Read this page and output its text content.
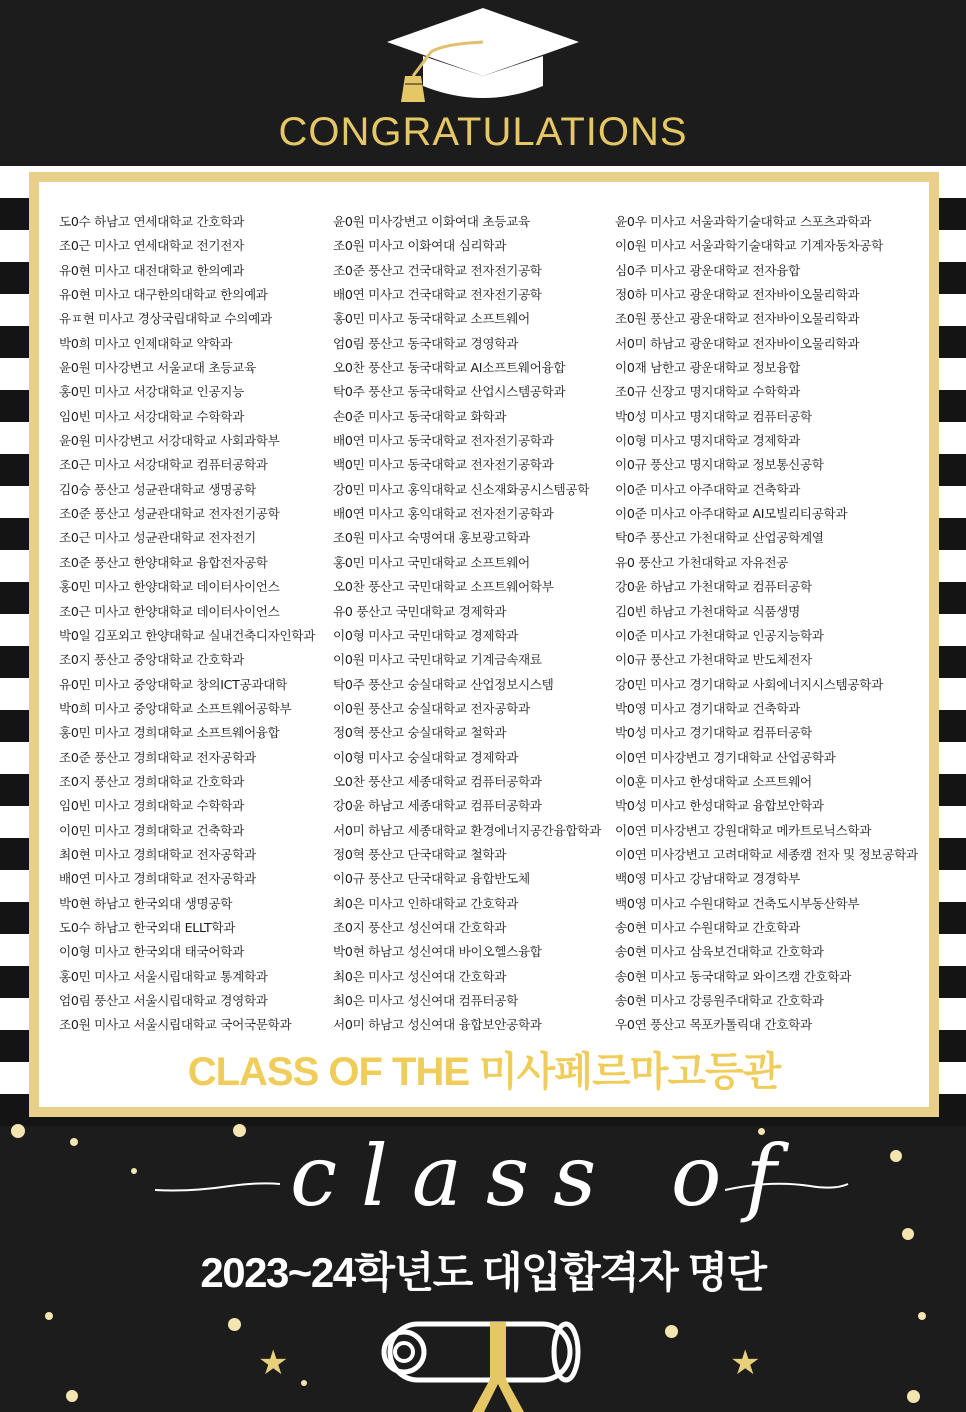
CONGRATULATIONS
도0수 하남고 연세대학교 간호학과
조0근 미사고 연세대학교 전기전자
유0현 미사고 대전대학교 한의예과
유0현 미사고 대구한의대학교 한의예과
유ㅍ현 미사고 경상국립대학교 수의예과
박0희 미사고 인제대학교 약학과
윤0원 미사강변고 서울교대 초등교육
홍0민 미사고 서강대학교 인공지능
임0빈 미사고 서강대학교 수학학과
윤0원 미사강변고 서강대학교 사회과학부
조0근 미사고 서강대학교 컴퓨터공학과
김0승 풍산고 성균관대학교 생명공학
조0준 풍산고 성균관대학교 전자전기공학
조0근 미사고 성균관대학교 전자전기
조0준 풍산고 한양대학교 융합전자공학
홍0민 미사고 한양대학교 데이터사이언스
조0근 미사고 한양대학교 데이터사이언스
박0일 김포외고 한양대학교 실내건축디자인학과
조0지 풍산고 중앙대학교 간호학과
유0민 미사고 중앙대학교 창의ICT공과대학
박0희 미사고 중앙대학교 소프트웨어공학부
홍0민 미사고 경희대학교 소프트웨어융합
조0준 풍산고 경희대학교 전자공학과
조0지 풍산고 경희대학교 간호학과
임0빈 미사고 경희대학교 수학학과
이0민 미사고 경희대학교 건축학과
최0현 미사고 경희대학교 전자공학과
배0연 미사고 경희대학교 전자공학과
박0현 하남고 한국외대 생명공학
도0수 하남고 한국외대 ELLT학과
이0형 미사고 한국외대 태국어학과
홍0민 미사고 서울시립대학교 통계학과
엄0림 풍산고 서울시립대학교 경영학과
조0원 미사고 서울시립대학교 국어국문학과
윤0원 미사강변고 이화여대 초등교육
조0원 미사고 이화여대 심리학과
조0준 풍산고 건국대학교 전자전기공학
배0연 미사고 건국대학교 전자전기공학
홍0민 미사고 동국대학교 소프트웨어
엄0림 풍산고 동국대학교 경영학과
오0찬 풍산고 동국대학교 AI소프트웨어융합
탁0주 풍산고 동국대학교 산업시스템공학과
손0준 미사고 동국대학교 화학과
배0연 미사고 동국대학교 전자전기공학과
백0민 미사고 동국대학교 전자전기공학과
강0민 미사고 홍익대학교 신소재화공시스템공학
배0연 미사고 홍익대학교 전자전기공학과
조0원 미사고 숙명여대 홍보광고학과
홍0민 미사고 국민대학교 소프트웨어
오0찬 풍산고 국민대학교 소프트웨어학부
유0 풍산고 국민대학교 경제학과
이0형 미사고 국민대학교 경제학과
이0원 미사고 국민대학교 기계금속재료
탁0주 풍산고 숭실대학교 산업정보시스템
이0원 풍산고 숭실대학교 전자공학과
정0혁 풍산고 숭실대학교 철학과
이0형 미사고 숭실대학교 경제학과
오0찬 풍산고 세종대학교 컴퓨터공학과
강0윤 하남고 세종대학교 컴퓨터공학과
서0미 하남고 세종대학교 환경에너지공간융합학과
정0혁 풍산고 단국대학교 철학과
이0규 풍산고 단국대학교 융합반도체
최0은 미사고 인하대학교 간호학과
조0지 풍산고 성신여대 간호학과
박0현 하남고 성신여대 바이오헬스융합
최0은 미사고 성신여대 간호학과
최0은 미사고 성신여대 컴퓨터공학
서0미 하남고 성신여대 융합보안공학과
윤0우 미사고 서울과학기술대학교 스포츠과학과
이0원 미사고 서울과학기술대학교 기계자동차공학
심0주 미사고 광운대학교 전자융합
정0하 미사고 광운대학교 전자바이오물리학과
조0원 풍산고 광운대학교 전자바이오물리학과
서0미 하남고 광운대학교 전자바이오물리학과
이0재 남한고 광운대학교 정보융합
조0규 신장고 명지대학교 수학학과
박0성 미사고 명지대학교 컴퓨터공학
이0형 미사고 명지대학교 경제학과
이0규 풍산고 명지대학교 정보통신공학
이0준 미사고 아주대학교 건축학과
이0준 미사고 아주대학교 AI모빌리티공학과
탁0주 풍산고 가천대학교 산업공학계열
유0 풍산고 가천대학교 자유전공
강0윤 하남고 가천대학교 컴퓨터공학
김0빈 하남고 가천대학교 식품생명
이0준 미사고 가천대학교 인공지능학과
이0규 풍산고 가천대학교 반도체전자
강0민 미사고 경기대학교 사회에너지시스템공학과
박0영 미사고 경기대학교 건축학과
박0성 미사고 경기대학교 컴퓨터공학
이0연 미사강변고 경기대학교 산업공학과
이0훈 미사고 한성대학교 소프트웨어
박0성 미사고 한성대학교 융합보안학과
이0연 미사강변고 강원대학교 메카트로닉스학과
이0연 미사강변고 고려대학교 세종캠 전자 및 정보공학과
백0영 미사고 강남대학교 경경학부
백0영 미사고 수원대학교 건축도시부동산학부
송0현 미사고 수원대학교 간호학과
송0현 미사고 삼육보건대학교 간호학과
송0현 미사고 동국대학교 와이즈캠 간호학과
송0현 미사고 강릉원주대학교 간호학과
우0연 풍산고 목포카톨릭대 간호학과
CLASS OF THE 미사페르마고등관
★	★
class of
2023~24학년도 대입합격자 명단
